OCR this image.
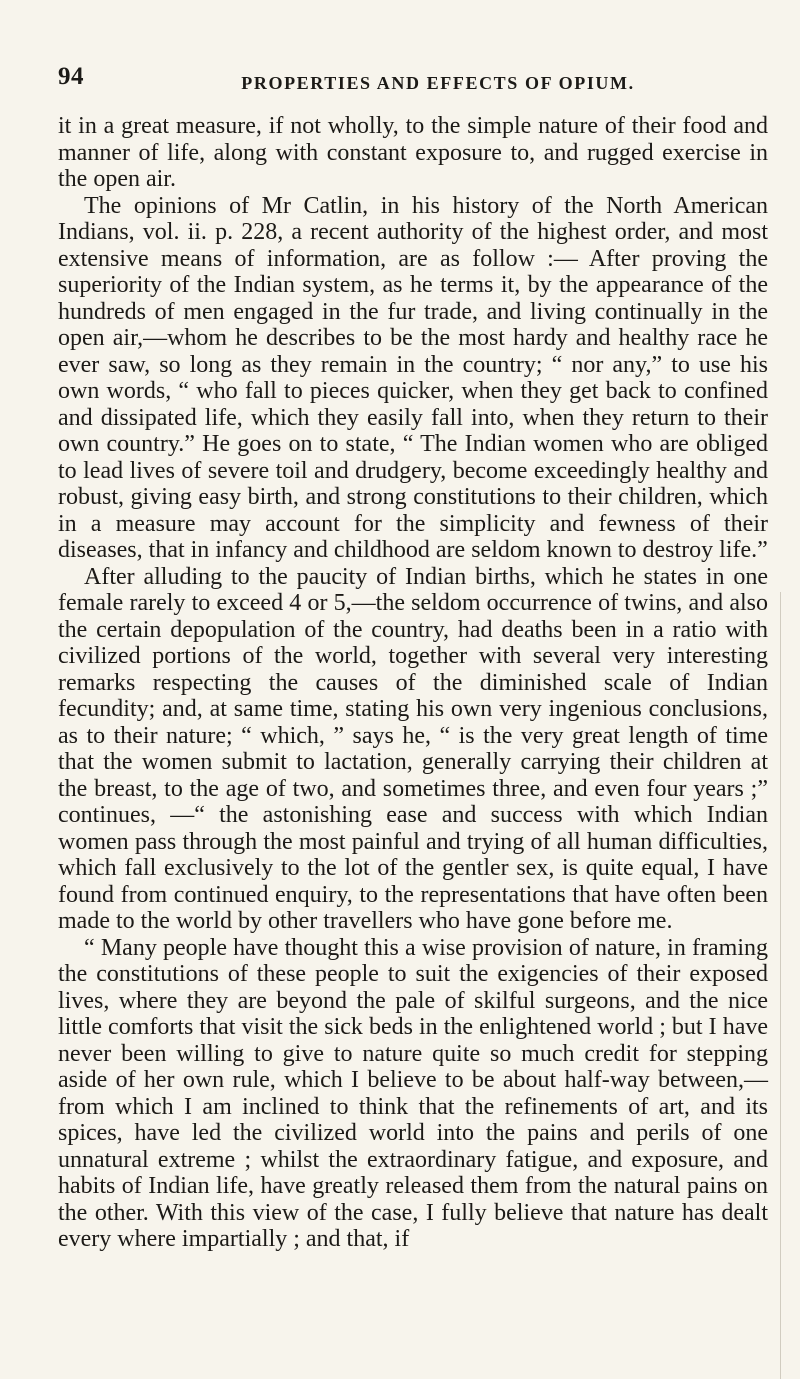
94	PROPERTIES AND EFFECTS OF OPIUM.

it in a great measure, if not wholly, to the simple nature of their food and manner of life, along with constant exposure to, and rugged exercise in the open air.

The opinions of Mr Catlin, in his history of the North American Indians, vol. ii. p. 228, a recent authority of the highest order, and most extensive means of information, are as follow :— After proving the superiority of the Indian system, as he terms it, by the appearance of the hundreds of men engaged in the fur trade, and living continually in the open air,—whom he describes to be the most hardy and healthy race he ever saw, so long as they remain in the country; “ nor any,” to use his own words, “ who fall to pieces quicker, when they get back to confined and dissipated life, which they easily fall into, when they return to their own country.” He goes on to state, “ The Indian women who are obliged to lead lives of severe toil and drudgery, become exceedingly healthy and robust, giving easy birth, and strong constitutions to their children, which in a measure may account for the simplicity and fewness of their diseases, that in infancy and childhood are seldom known to destroy life.”

After alluding to the paucity of Indian births, which he states in one female rarely to exceed 4 or 5,—the seldom occurrence of twins, and also the certain depopulation of the country, had deaths been in a ratio with civilized portions of the world, together with several very interesting remarks respecting the causes of the diminished scale of Indian fecundity; and, at same time, stating his own very ingenious conclusions, as to their nature; “ which, ” says he, “ is the very great length of time that the women submit to lactation, generally carrying their children at the breast, to the age of two, and sometimes three, and even four years ;” continues, —“ the astonishing ease and success with which Indian women pass through the most painful and trying of all human difficulties, which fall exclusively to the lot of the gentler sex, is quite equal, I have found from continued enquiry, to the representations that have often been made to the world by other travellers who have gone before me.

“ Many people have thought this a wise provision of nature, in framing the constitutions of these people to suit the exigencies of their exposed lives, where they are beyond the pale of skilful surgeons, and the nice little comforts that visit the sick beds in the enlightened world ; but I have never been willing to give to nature quite so much credit for stepping aside of her own rule, which I believe to be about half-way between,—from which I am inclined to think that the refinements of art, and its spices, have led the civilized world into the pains and perils of one unnatural extreme ; whilst the extraordinary fatigue, and exposure, and habits of Indian life, have greatly released them from the natural pains on the other. With this view of the case, I fully believe that nature has dealt every where impartially ; and that, if
